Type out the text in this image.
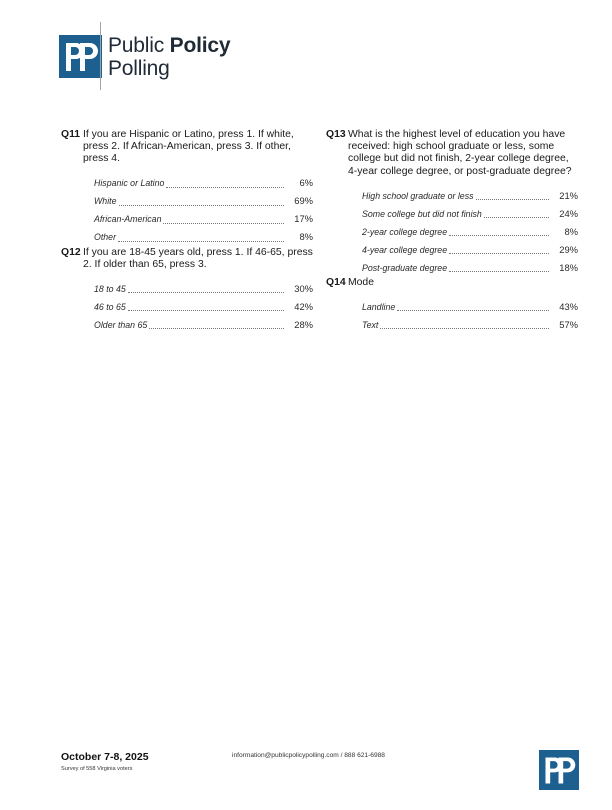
Public Policy
Polling
Q11 If you are Hispanic or Latino, press 1. If white, press 2. If African-American, press 3. If other, press 4.
Hispanic or Latino	6%
White	69%
African-American	17%
Other	8%
Q12 If you are 18-45 years old, press 1. If 46-65, press 2. If older than 65, press 3.
18 to 45	30%
46 to 65	42%
Older than 65	28%
Q13 What is the highest level of education you have received: high school graduate or less, some college but did not finish, 2-year college degree, 4-year college degree, or post-graduate degree?
High school graduate or less	21%
Some college but did not finish	24%
2-year college degree	8%
4-year college degree	29%
Post-graduate degree	18%
Q14 Mode
Landline	43%
Text	57%
October 7-8, 2025
Survey of 558 Virginia voters
information@publicpolicypolling.com / 888 621-6988
